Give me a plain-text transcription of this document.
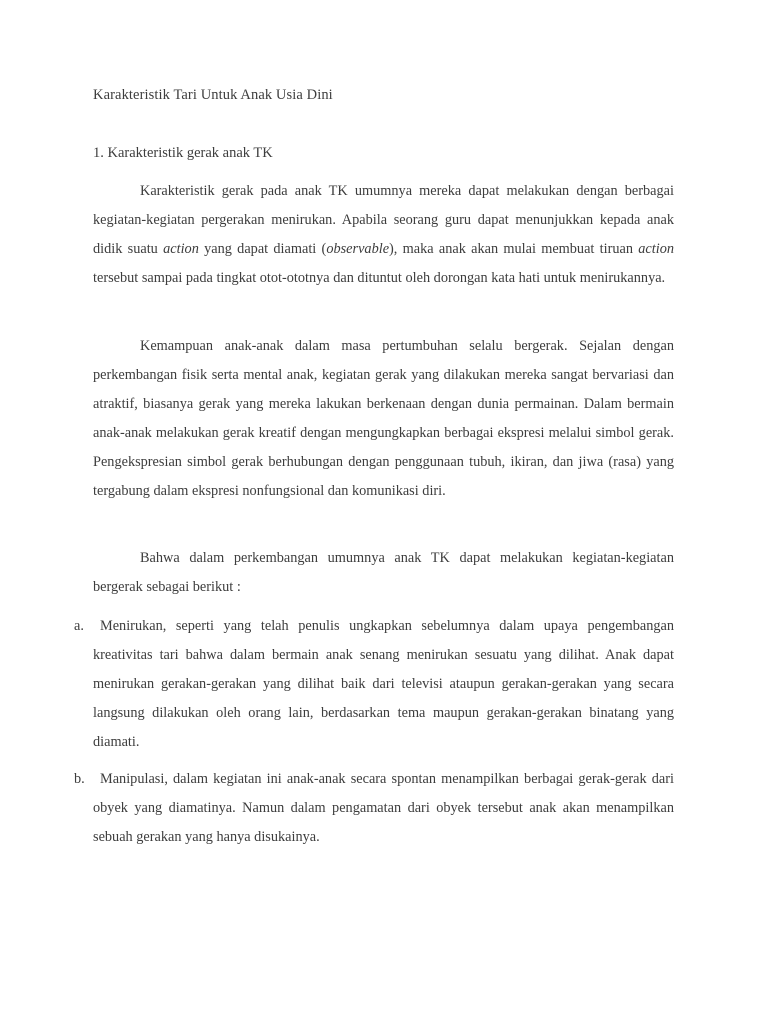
Karakteristik Tari Untuk Anak Usia Dini
1. Karakteristik gerak anak TK

Karakteristik gerak pada anak TK umumnya mereka dapat melakukan dengan berbagai kegiatan-kegiatan pergerakan menirukan. Apabila seorang guru dapat menunjukkan kepada anak didik suatu action yang dapat diamati (observable), maka anak akan mulai membuat tiruan action tersebut sampai pada tingkat otot-ototnya dan dituntut oleh dorongan kata hati untuk menirukannya.

Kemampuan anak-anak dalam masa pertumbuhan selalu bergerak. Sejalan dengan perkembangan fisik serta mental anak, kegiatan gerak yang dilakukan mereka sangat bervariasi dan atraktif, biasanya gerak yang mereka lakukan berkenaan dengan dunia permainan. Dalam bermain anak-anak melakukan gerak kreatif dengan mengungkapkan berbagai ekspresi melalui simbol gerak. Pengekspresian simbol gerak berhubungan dengan penggunaan tubuh, ikiran, dan jiwa (rasa) yang tergabung dalam ekspresi nonfungsional dan komunikasi diri.

Bahwa dalam perkembangan umumnya anak TK dapat melakukan kegiatan-kegiatan bergerak sebagai berikut :

a.	Menirukan, seperti yang telah penulis ungkapkan sebelumnya dalam upaya pengembangan kreativitas tari bahwa dalam bermain anak senang menirukan sesuatu yang dilihat. Anak dapat menirukan gerakan-gerakan yang dilihat baik dari televisi ataupun gerakan-gerakan yang secara langsung dilakukan oleh orang lain, berdasarkan tema maupun gerakan-gerakan binatang yang diamati.
b.	Manipulasi, dalam kegiatan ini anak-anak secara spontan menampilkan berbagai gerak-gerak dari obyek yang diamatinya. Namun dalam pengamatan dari obyek tersebut anak akan menampilkan sebuah gerakan yang hanya disukainya.
